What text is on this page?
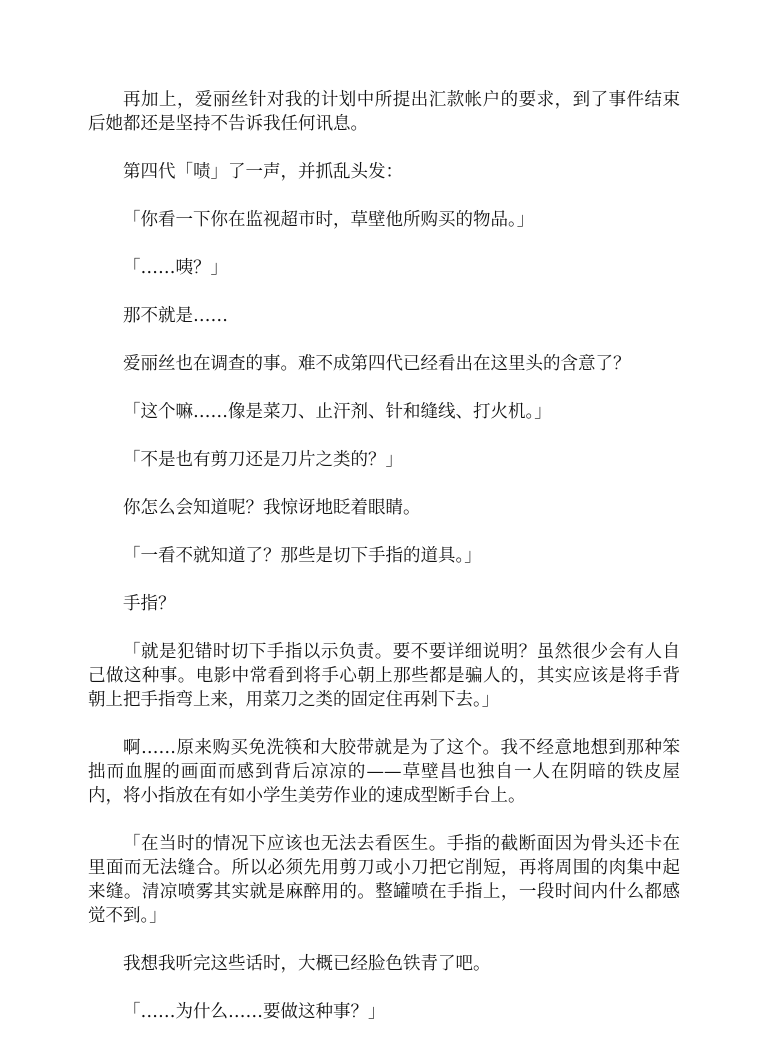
再加上，爱丽丝针对我的计划中所提出汇款帐户的要求，到了事件结束后她都还是坚持不告诉我任何讯息。

第四代「啧」了一声，并抓乱头发：

「你看一下你在监视超市时，草壁他所购买的物品。」

「……咦？」

那不就是……

爱丽丝也在调查的事。难不成第四代已经看出在这里头的含意了？

「这个嘛……像是菜刀、止汗剂、针和缝线、打火机。」

「不是也有剪刀还是刀片之类的？」

你怎么会知道呢？我惊讶地眨着眼睛。

「一看不就知道了？那些是切下手指的道具。」

手指？

「就是犯错时切下手指以示负责。要不要详细说明？虽然很少会有人自己做这种事。电影中常看到将手心朝上那些都是骗人的，其实应该是将手背朝上把手指弯上来，用菜刀之类的固定住再剁下去。」

啊……原来购买免洗筷和大胶带就是为了这个。我不经意地想到那种笨拙而血腥的画面而感到背后凉凉的——草壁昌也独自一人在阴暗的铁皮屋内，将小指放在有如小学生美劳作业的速成型断手台上。

「在当时的情况下应该也无法去看医生。手指的截断面因为骨头还卡在里面而无法缝合。所以必须先用剪刀或小刀把它削短，再将周围的肉集中起来缝。清凉喷雾其实就是麻醉用的。整罐喷在手指上，一段时间内什么都感觉不到。」

我想我听完这些话时，大概已经脸色铁青了吧。

「……为什么……要做这种事？」
